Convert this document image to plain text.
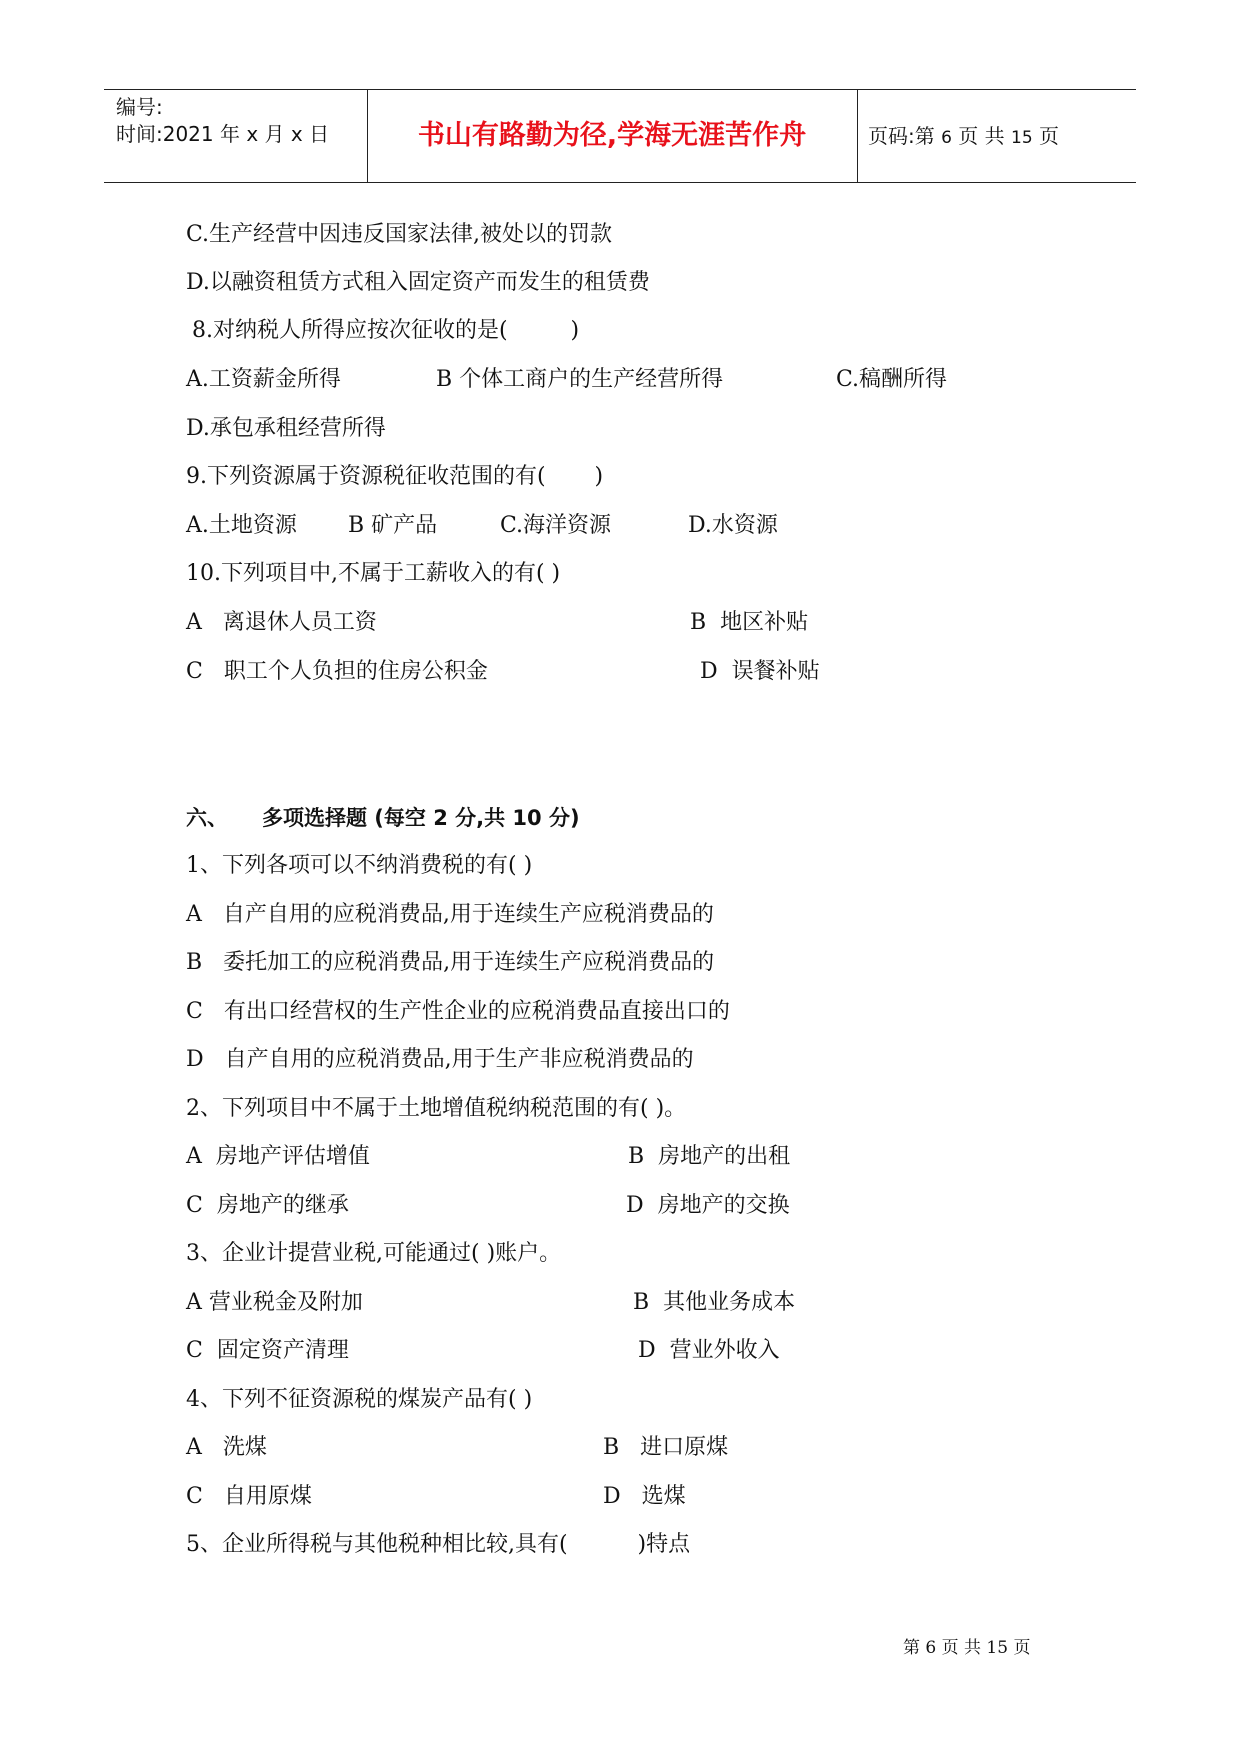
编号:
时间:2021 年 x 月 x 日	书山有路勤为径,学海无涯苦作舟	页码:第 6 页 共 15 页
C.生产经营中因违反国家法律,被处以的罚款
D.以融资租赁方式租入固定资产而发生的租赁费
8.对纳税人所得应按次征收的是(         )
A.工资薪金所得	B 个体工商户的生产经营所得	C.稿酬所得
D.承包承租经营所得
9.下列资源属于资源税征收范围的有(       )
A.土地资源 B 矿产品	C.海洋资源	D.水资源
10.下列项目中,不属于工薪收入的有( )
A   离退休人员工资	B  地区补贴
C   职工个人负担的住房公积金	D  误餐补贴
六、 多项选择题 (每空 2 分,共 10 分)
1、下列各项可以不纳消费税的有( )
A   自产自用的应税消费品,用于连续生产应税消费品的
B   委托加工的应税消费品,用于连续生产应税消费品的
C   有出口经营权的生产性企业的应税消费品直接出口的
D   自产自用的应税消费品,用于生产非应税消费品的
2、下列项目中不属于土地增值税纳税范围的有( )。
A  房地产评估增值	B  房地产的出租
C  房地产的继承	D  房地产的交换
3、企业计提营业税,可能通过( )账户。
A 营业税金及附加	B  其他业务成本
C  固定资产清理	D  营业外收入
4、下列不征资源税的煤炭产品有( )
A   洗煤	B   进口原煤
C   自用原煤	D   选煤
5、企业所得税与其他税种相比较,具有(          )特点
第 6 页 共 15 页
